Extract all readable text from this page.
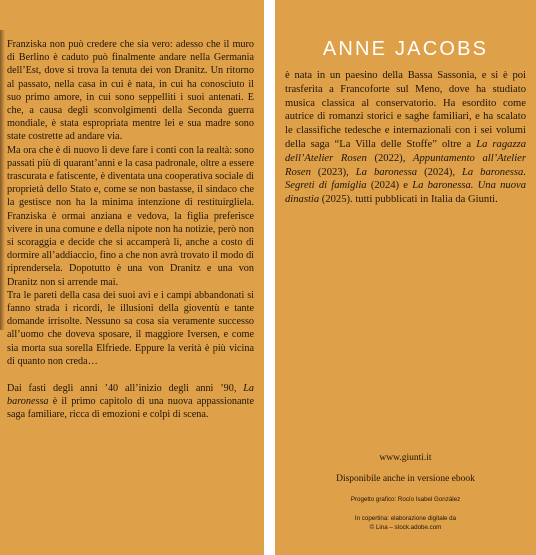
Franziska non può credere che sia vero: adesso che il muro di Berlino è caduto può finalmente andare nella Germania dell’Est, dove si trova la tenuta dei von Dranitz. Un ritorno al passato, nella casa in cui è nata, in cui ha conosciuto il suo primo amore, in cui sono seppelliti i suoi antenati. E che, a causa degli sconvolgimenti della Seconda guerra mondiale, è stata espropriata mentre lei e sua madre sono state costrette ad andare via.

Ma ora che è di nuovo lì deve fare i conti con la realtà: sono passati più di quarant’anni e la casa padronale, oltre a essere trascurata e fatiscente, è diventata una cooperativa sociale di proprietà dello Stato e, come se non bastasse, il sindaco che la gestisce non ha la minima intenzione di restituirgliela. Franziska è ormai anziana e vedova, la figlia preferisce vivere in una comune e della nipote non ha notizie, però non si scoraggia e decide che si accamperà lì, anche a costo di dormire all’addiaccio, fino a che non avrà trovato il modo di riprendersela. Dopotutto è una von Dranitz e una von Dranitz non si arrende mai.

Tra le pareti della casa dei suoi avi e i campi abbandonati si fanno strada i ricordi, le illusioni della gioventù e tante domande irrisolte. Nessuno sa cosa sia veramente successo all’uomo che doveva sposare, il maggiore Iversen, e come sia morta sua sorella Elfriede. Eppure la verità è più vicina di quanto non creda…

Dai fasti degli anni ’40 all’inizio degli anni ’90, La baronessa è il primo capitolo di una nuova appassionante saga familiare, ricca di emozioni e colpi di scena.

ANNE JACOBS

è nata in un paesino della Bassa Sassonia, e si è poi trasferita a Francoforte sul Meno, dove ha studiato musica classica al conservatorio. Ha esordito come autrice di romanzi storici e saghe familiari, e ha scalato le classifiche tedesche e internazionali con i sei volumi della saga “La Villa delle Stoffe” oltre a La ragazza dell’Atelier Rosen (2022), Appuntamento all’Atelier Rosen (2023), La baronessa (2024), La baronessa. Segreti di famiglia (2024) e La baronessa. Una nuova dinastia (2025). tutti pubblicati in Italia da Giunti.

www.giunti.it
Disponibile anche in versione ebook
Progetto grafico: Rocío Isabel González
In copertina: elaborazione digitale da
© Lina – stock.adobe.com
